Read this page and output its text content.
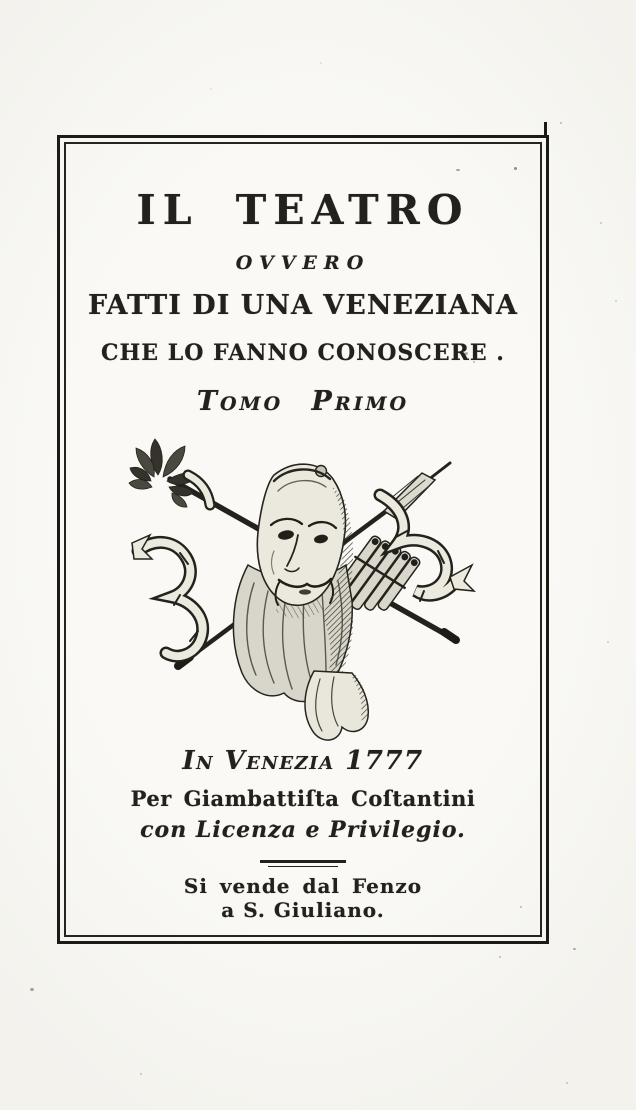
IL TEATRO
OVVERO
FATTI DI UNA VENEZIANA
CHE LO FANNO CONOSCERE .
Tomo Primo
In Venezia 1777
Per Giambattiſta Coſtantini
con Licenza e Privilegio.
Si vende dal Fenzo
a S. Giuliano.
